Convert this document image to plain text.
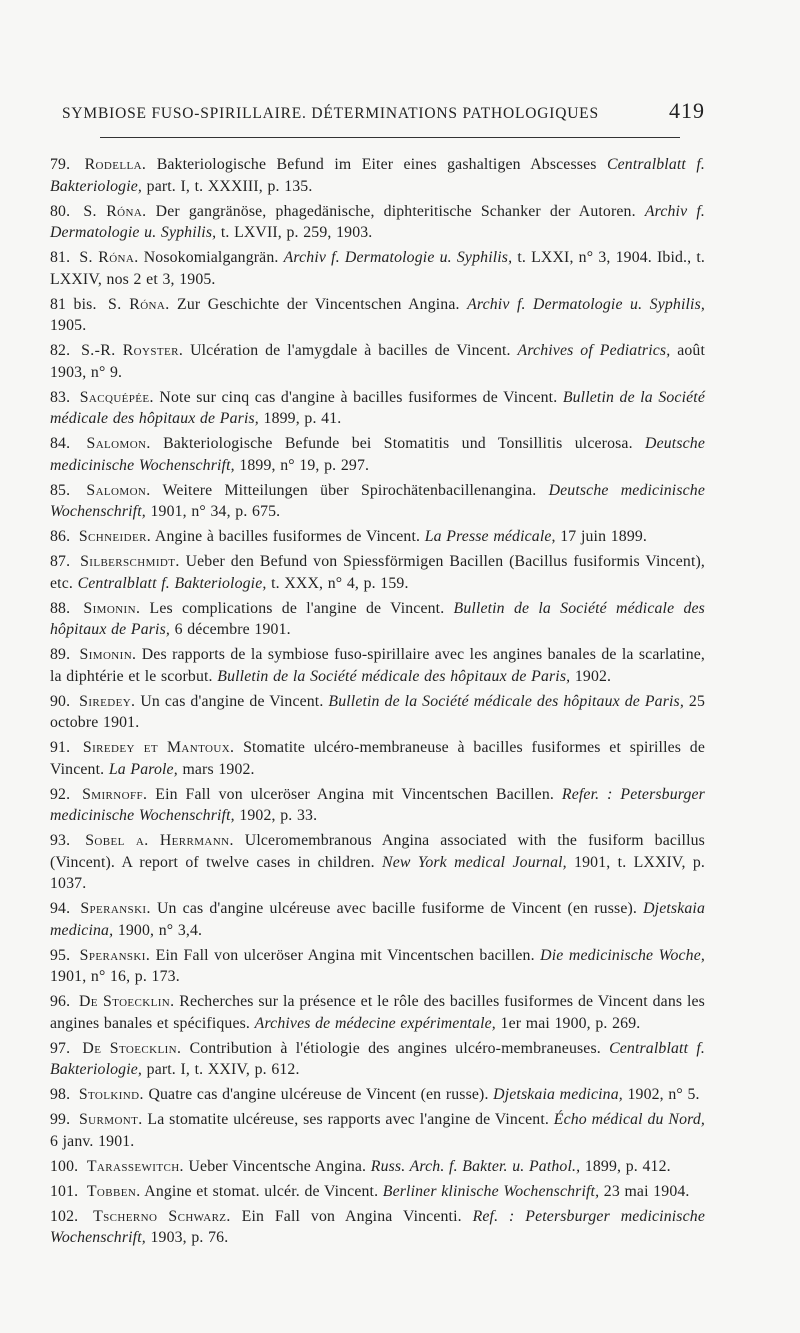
SYMBIOSE FUSO-SPIRILLAIRE. DÉTERMINATIONS PATHOLOGIQUES	419

79. Rodella. Bakteriologische Befund im Eiter eines gashaltigen Abscesses Centralblatt f. Bakteriologie, part. I, t. XXXIII, p. 135.

80. S. Róna. Der gangränöse, phagedänische, diphteritische Schanker der Autoren. Archiv f. Dermatologie u. Syphilis, t. LXVII, p. 259, 1903.

81. S. Róna. Nosokomialgangrän. Archiv f. Dermatologie u. Syphilis, t. LXXI, n° 3, 1904. Ibid., t. LXXIV, nos 2 et 3, 1905.

81 bis. S. Róna. Zur Geschichte der Vincentschen Angina. Archiv f. Dermatologie u. Syphilis, 1905.

82. S.-R. Royster. Ulcération de l'amygdale à bacilles de Vincent. Archives of Pediatrics, août 1903, n° 9.

83. Sacquépée. Note sur cinq cas d'angine à bacilles fusiformes de Vincent. Bulletin de la Société médicale des hôpitaux de Paris, 1899, p. 41.

84. Salomon. Bakteriologische Befunde bei Stomatitis und Tonsillitis ulcerosa. Deutsche medicinische Wochenschrift, 1899, n° 19, p. 297.

85. Salomon. Weitere Mitteilungen über Spirochätenbacillenangina. Deutsche medicinische Wochenschrift, 1901, n° 34, p. 675.

86. Schneider. Angine à bacilles fusiformes de Vincent. La Presse médicale, 17 juin 1899.

87. Silberschmidt. Ueber den Befund von Spiessförmigen Bacillen (Bacillus fusiformis Vincent), etc. Centralblatt f. Bakteriologie, t. XXX, n° 4, p. 159.

88. Simonin. Les complications de l'angine de Vincent. Bulletin de la Société médicale des hôpitaux de Paris, 6 décembre 1901.

89. Simonin. Des rapports de la symbiose fuso-spirillaire avec les angines banales de la scarlatine, la diphtérie et le scorbut. Bulletin de la Société médicale des hôpitaux de Paris, 1902.

90. Siredey. Un cas d'angine de Vincent. Bulletin de la Société médicale des hôpitaux de Paris, 25 octobre 1901.

91. Siredey et Mantoux. Stomatite ulcéro-membraneuse à bacilles fusiformes et spirilles de Vincent. La Parole, mars 1902.

92. Smirnoff. Ein Fall von ulceröser Angina mit Vincentschen Bacillen. Refer. : Petersburger medicinische Wochenschrift, 1902, p. 33.

93. Sobel a. Herrmann. Ulceromembranous Angina associated with the fusiform bacillus (Vincent). A report of twelve cases in children. New York medical Journal, 1901, t. LXXIV, p. 1037.

94. Speranski. Un cas d'angine ulcéreuse avec bacille fusiforme de Vincent (en russe). Djetskaia medicina, 1900, n° 3,4.

95. Speranski. Ein Fall von ulceröser Angina mit Vincentschen bacillen. Die medicinische Woche, 1901, n° 16, p. 173.

96. De Stoecklin. Recherches sur la présence et le rôle des bacilles fusiformes de Vincent dans les angines banales et spécifiques. Archives de médecine expérimentale, 1er mai 1900, p. 269.

97. De Stoecklin. Contribution à l'étiologie des angines ulcéro-membraneuses. Centralblatt f. Bakteriologie, part. I, t. XXIV, p. 612.

98. Stolkind. Quatre cas d'angine ulcéreuse de Vincent (en russe). Djetskaia medicina, 1902, n° 5.

99. Surmont. La stomatite ulcéreuse, ses rapports avec l'angine de Vincent. Écho médical du Nord, 6 janv. 1901.

100. Tarassewitch. Ueber Vincentsche Angina. Russ. Arch. f. Bakter. u. Pathol., 1899, p. 412.

101. Tobben. Angine et stomat. ulcér. de Vincent. Berliner klinische Wochenschrift, 23 mai 1904.

102. Tscherno Schwarz. Ein Fall von Angina Vincenti. Ref. : Petersburger medicinische Wochenschrift, 1903, p. 76.
